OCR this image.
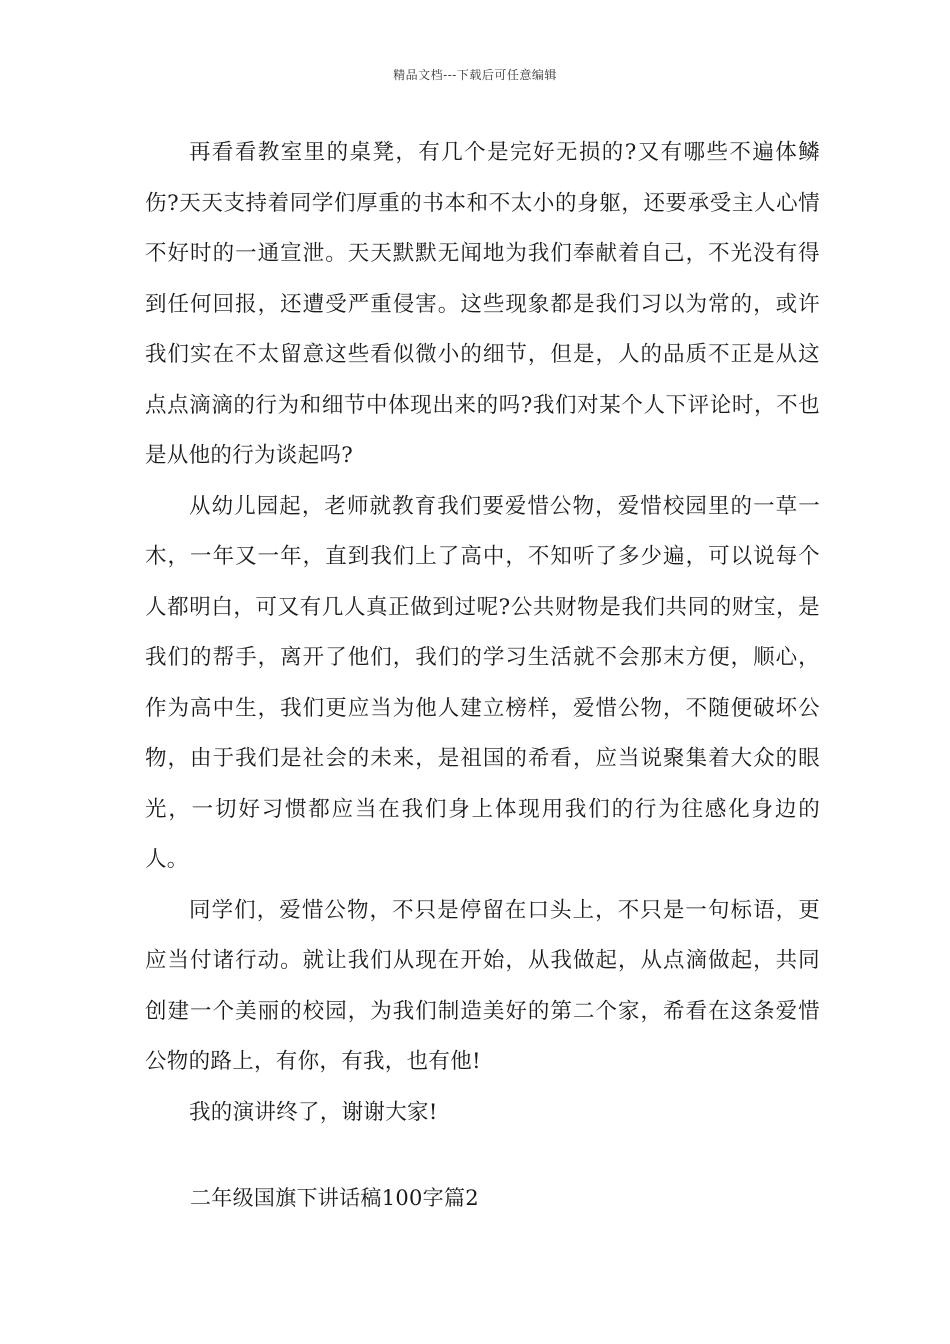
精品文档---下载后可任意编辑

再看看教室里的桌凳，有几个是完好无损的?又有哪些不遍体鳞伤?天天支持着同学们厚重的书本和不太小的身躯，还要承受主人心情不好时的一通宣泄。天天默默无闻地为我们奉献着自己，不光没有得到任何回报，还遭受严重侵害。这些现象都是我们习以为常的，或许我们实在不太留意这些看似微小的细节，但是，人的品质不正是从这点点滴滴的行为和细节中体现出来的吗?我们对某个人下评论时，不也是从他的行为谈起吗?

从幼儿园起，老师就教育我们要爱惜公物，爱惜校园里的一草一木，一年又一年，直到我们上了高中，不知听了多少遍，可以说每个人都明白，可又有几人真正做到过呢?公共财物是我们共同的财宝，是我们的帮手，离开了他们，我们的学习生活就不会那末方便，顺心，作为高中生，我们更应当为他人建立榜样，爱惜公物，不随便破坏公物，由于我们是社会的未来，是祖国的希看，应当说聚集着大众的眼光，一切好习惯都应当在我们身上体现用我们的行为往感化身边的人。

同学们，爱惜公物，不只是停留在口头上，不只是一句标语，更应当付诸行动。就让我们从现在开始，从我做起，从点滴做起，共同创建一个美丽的校园，为我们制造美好的第二个家，希看在这条爱惜公物的路上，有你，有我，也有他!

我的演讲终了，谢谢大家!

二年级国旗下讲话稿100字篇2
